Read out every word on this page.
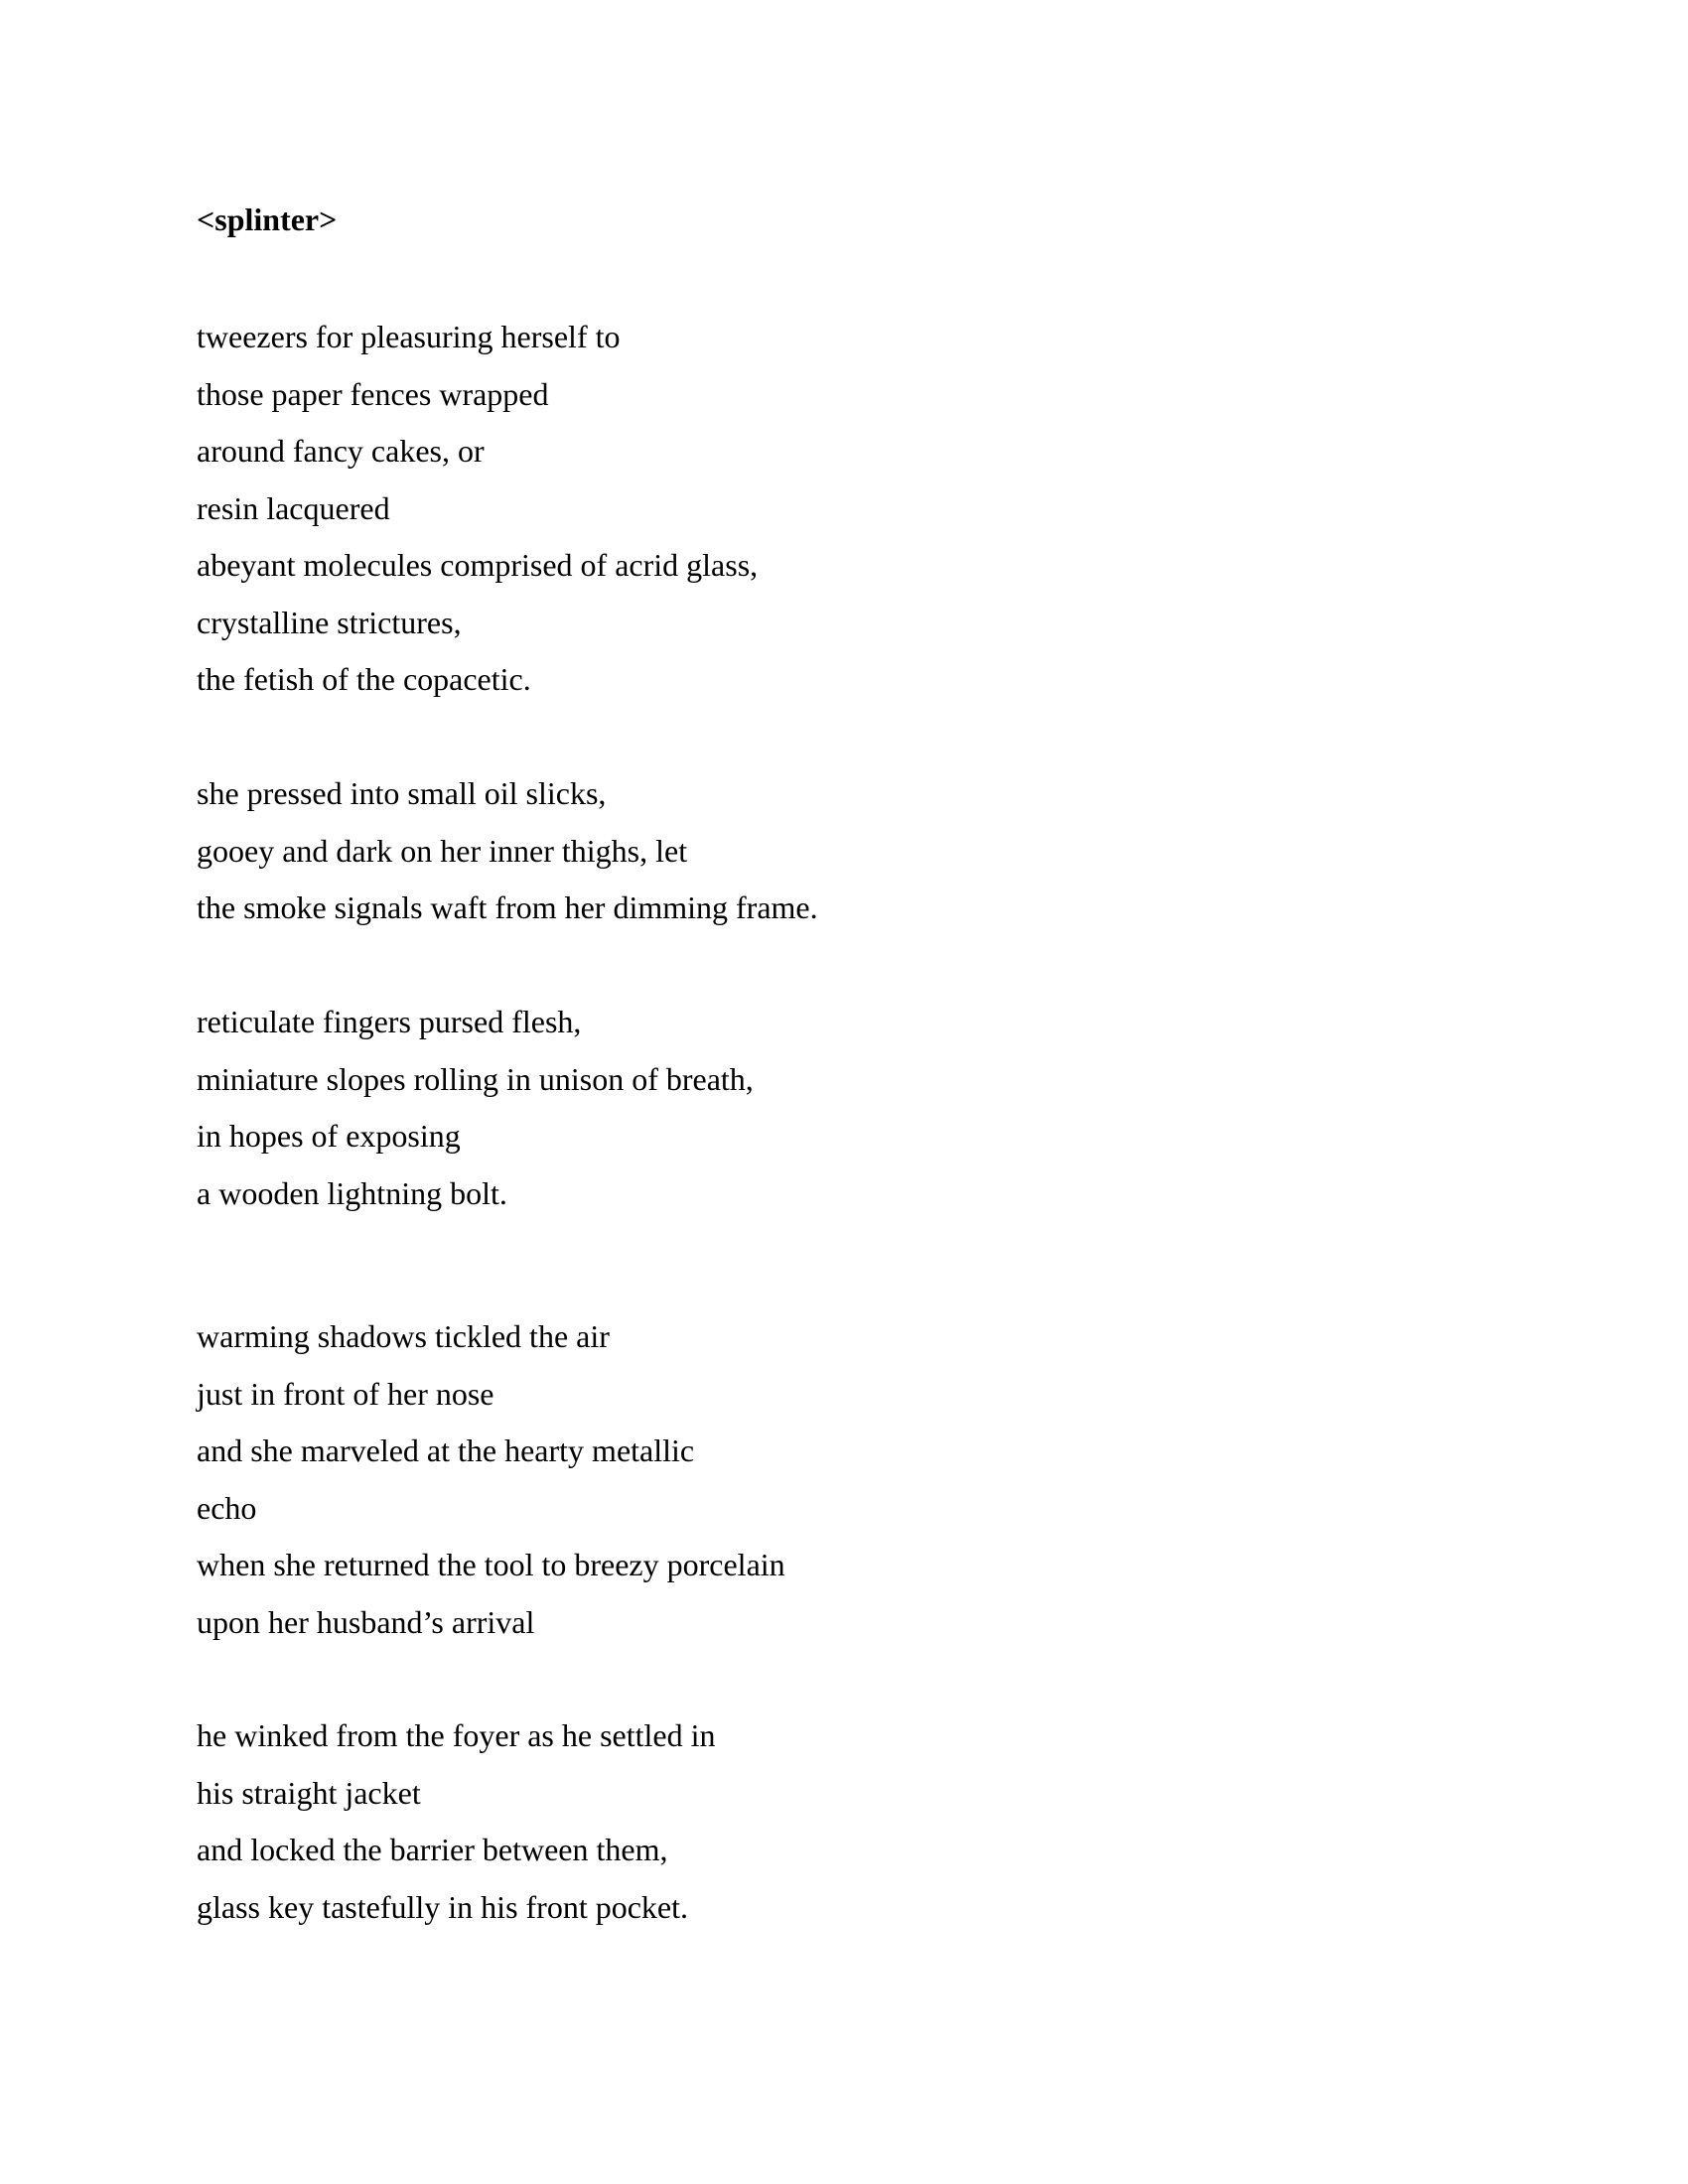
<splinter>
tweezers for pleasuring herself to
those paper fences wrapped
around fancy cakes, or
resin lacquered
abeyant molecules comprised of acrid glass,
crystalline strictures,
the fetish of the copacetic.
she pressed into small oil slicks,
gooey and dark on her inner thighs, let
the smoke signals waft from her dimming frame.
reticulate fingers pursed flesh,
miniature slopes rolling in unison of breath,
in hopes of exposing
a wooden lightning bolt.
warming shadows tickled the air
just in front of her nose
and she marveled at the hearty metallic
echo
when she returned the tool to breezy porcelain
upon her husband’s arrival
he winked from the foyer as he settled in
his straight jacket
and locked the barrier between them,
glass key tastefully in his front pocket.
